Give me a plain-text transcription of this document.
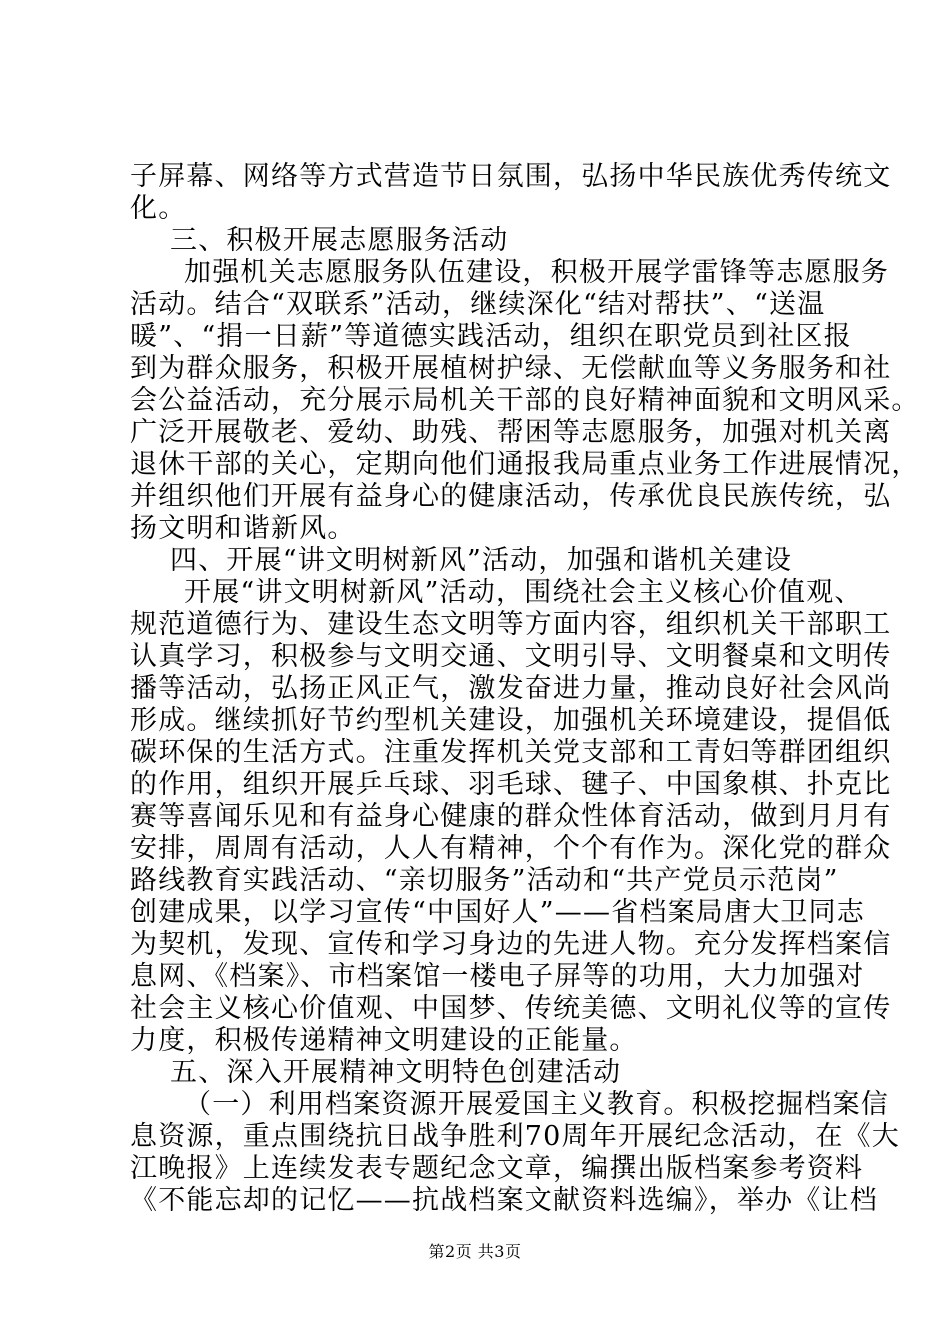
子屏幕、网络等方式营造节日氛围，弘扬中华民族优秀传统文
化。
三、积极开展志愿服务活动
加强机关志愿服务队伍建设，积极开展学雷锋等志愿服务
活动。结合“双联系”活动，继续深化“结对帮扶”、“送温
暖”、“捐一日薪”等道德实践活动，组织在职党员到社区报
到为群众服务，积极开展植树护绿、无偿献血等义务服务和社
会公益活动，充分展示局机关干部的良好精神面貌和文明风采。
广泛开展敬老、爱幼、助残、帮困等志愿服务，加强对机关离
退休干部的关心，定期向他们通报我局重点业务工作进展情况，
并组织他们开展有益身心的健康活动，传承优良民族传统，弘
扬文明和谐新风。
四、开展“讲文明树新风”活动，加强和谐机关建设
开展“讲文明树新风”活动，围绕社会主义核心价值观、
规范道德行为、建设生态文明等方面内容，组织机关干部职工
认真学习，积极参与文明交通、文明引导、文明餐桌和文明传
播等活动，弘扬正风正气，激发奋进力量，推动良好社会风尚
形成。继续抓好节约型机关建设，加强机关环境建设，提倡低
碳环保的生活方式。注重发挥机关党支部和工青妇等群团组织
的作用，组织开展乒乓球、羽毛球、毽子、中国象棋、扑克比
赛等喜闻乐见和有益身心健康的群众性体育活动，做到月月有
安排，周周有活动，人人有精神，个个有作为。深化党的群众
路线教育实践活动、“亲切服务”活动和“共产党员示范岗”
创建成果，以学习宣传“中国好人”——省档案局唐大卫同志
为契机，发现、宣传和学习身边的先进人物。充分发挥档案信
息网、《档案》、市档案馆一楼电子屏等的功用，大力加强对
社会主义核心价值观、中国梦、传统美德、文明礼仪等的宣传
力度，积极传递精神文明建设的正能量。
五、深入开展精神文明特色创建活动
（一）利用档案资源开展爱国主义教育。积极挖掘档案信
息资源，重点围绕抗日战争胜利70周年开展纪念活动，在《大
江晚报》上连续发表专题纪念文章，编撰出版档案参考资料
《不能忘却的记忆——抗战档案文献资料选编》，举办《让档
第2页 共3页
